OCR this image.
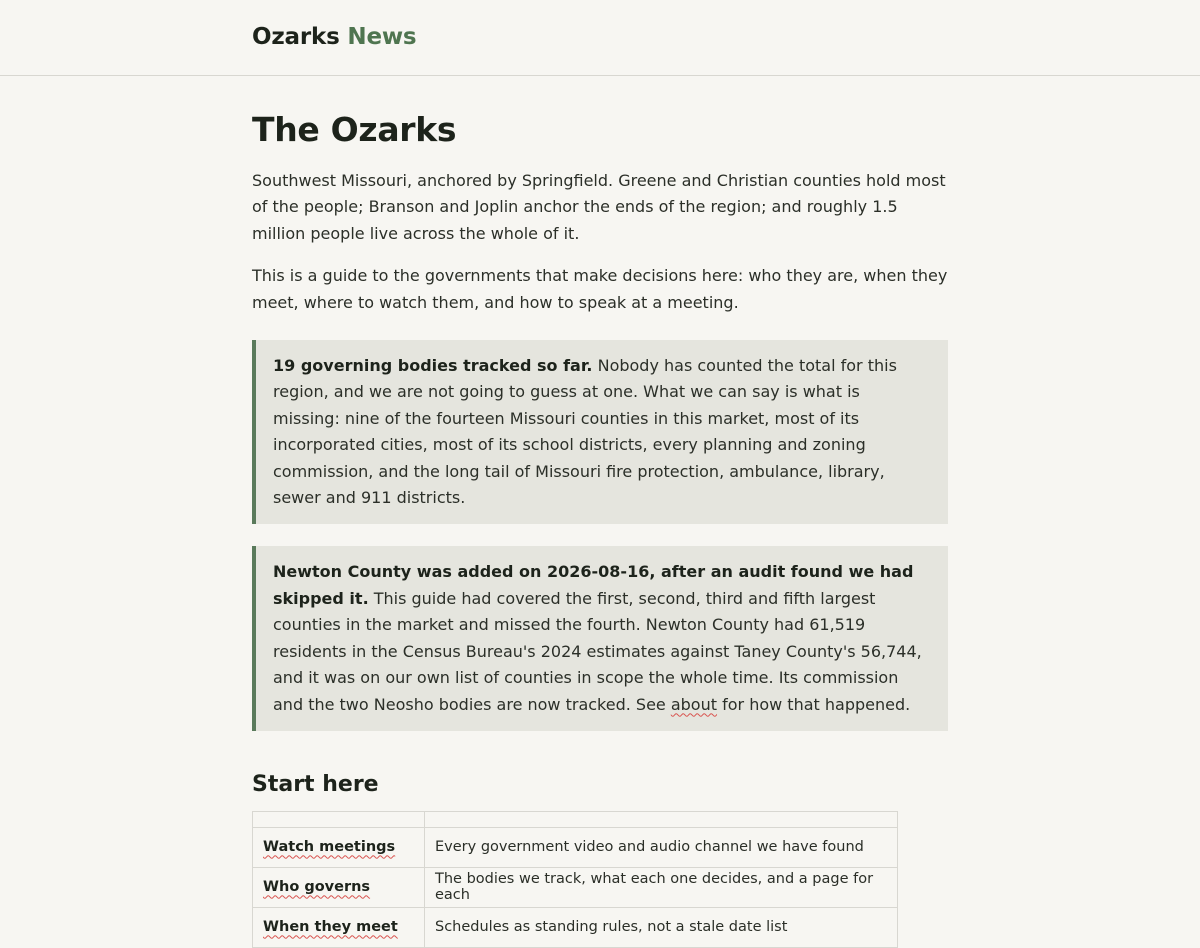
Ozarks News
The Ozarks

Southwest Missouri, anchored by Springfield. Greene and Christian counties hold most of the people; Branson and Joplin anchor the ends of the region; and roughly 1.5 million people live across the whole of it.

This is a guide to the governments that make decisions here: who they are, when they meet, where to watch them, and how to speak at a meeting.

19 governing bodies tracked so far. Nobody has counted the total for this region, and we are not going to guess at one. What we can say is what is missing: nine of the fourteen Missouri counties in this market, most of its incorporated cities, most of its school districts, every planning and zoning commission, and the long tail of Missouri fire protection, ambulance, library, sewer and 911 districts.
Newton County was added on 2026-08-16, after an audit found we had skipped it. This guide had covered the first, second, third and fifth largest counties in the market and missed the fourth. Newton County had 61,519 residents in the Census Bureau's 2024 estimates against Taney County's 56,744, and it was on our own list of counties in scope the whole time. Its commission and the two Neosho bodies are now tracked. See about for how that happened.
Start here

Watch meetings	Every government video and audio channel we have found
Who governs	The bodies we track, what each one decides, and a page for each
When they meet	Schedules as standing rules, not a stale date list
